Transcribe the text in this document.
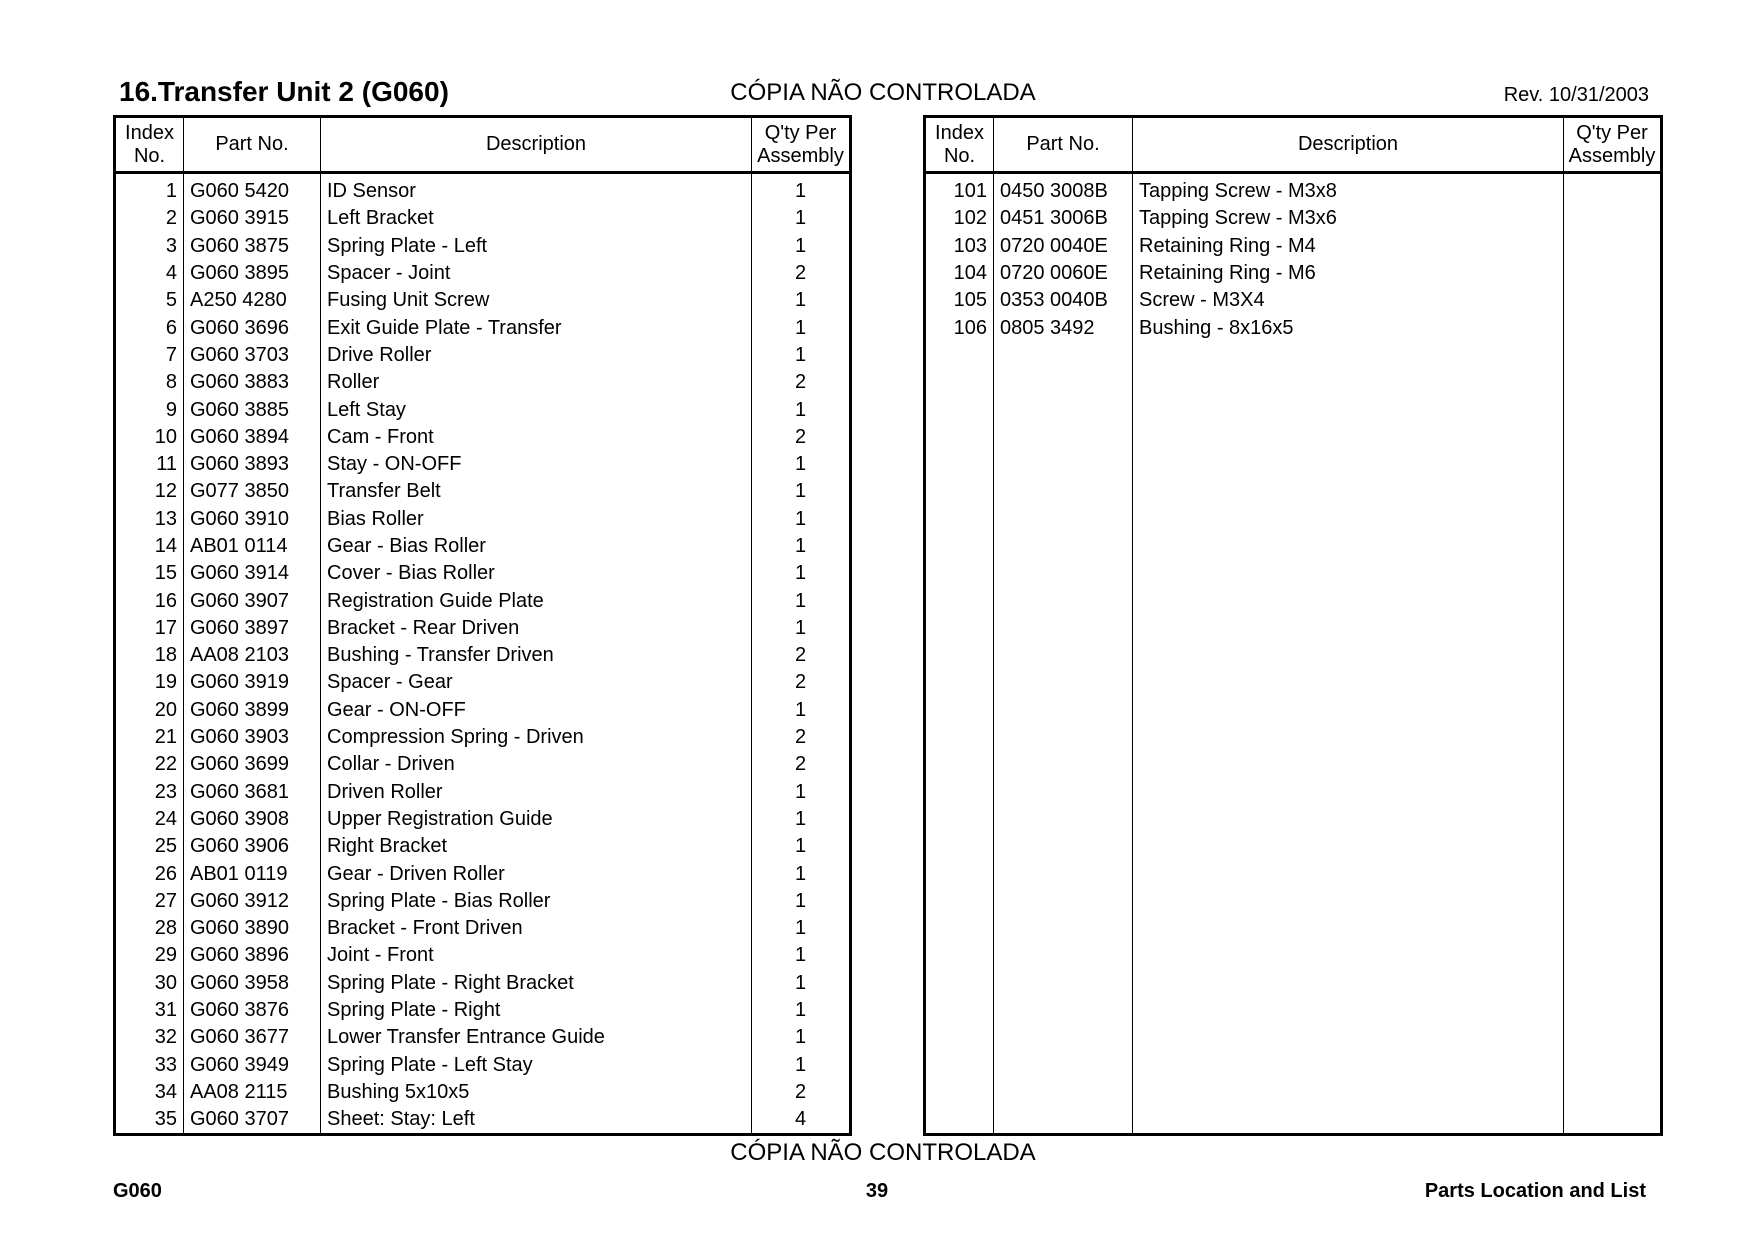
16.Transfer Unit 2 (G060)	CÓPIA NÃO CONTROLADA	Rev. 10/31/2003
Index
No.	Part No.	Description	Q'ty Per
Assembly
1	G060 5420	ID Sensor	1
2	G060 3915	Left Bracket	1
3	G060 3875	Spring Plate - Left	1
4	G060 3895	Spacer - Joint	2
5	A250 4280	Fusing Unit Screw	1
6	G060 3696	Exit Guide Plate - Transfer	1
7	G060 3703	Drive Roller	1
8	G060 3883	Roller	2
9	G060 3885	Left Stay	1
10	G060 3894	Cam - Front	2
11	G060 3893	Stay - ON-OFF	1
12	G077 3850	Transfer Belt	1
13	G060 3910	Bias Roller	1
14	AB01 0114	Gear - Bias Roller	1
15	G060 3914	Cover - Bias Roller	1
16	G060 3907	Registration Guide Plate	1
17	G060 3897	Bracket - Rear Driven	1
18	AA08 2103	Bushing - Transfer Driven	2
19	G060 3919	Spacer - Gear	2
20	G060 3899	Gear - ON-OFF	1
21	G060 3903	Compression Spring - Driven	2
22	G060 3699	Collar - Driven	2
23	G060 3681	Driven Roller	1
24	G060 3908	Upper Registration Guide	1
25	G060 3906	Right Bracket	1
26	AB01 0119	Gear - Driven Roller	1
27	G060 3912	Spring Plate - Bias Roller	1
28	G060 3890	Bracket - Front Driven	1
29	G060 3896	Joint - Front	1
30	G060 3958	Spring Plate - Right Bracket	1
31	G060 3876	Spring Plate - Right	1
32	G060 3677	Lower Transfer Entrance Guide	1
33	G060 3949	Spring Plate - Left Stay	1
34	AA08 2115	Bushing 5x10x5	2
35	G060 3707	Sheet: Stay: Left	4
Index
No.	Part No.	Description	Q'ty Per
Assembly
101	0450 3008B	Tapping Screw - M3x8	
102	0451 3006B	Tapping Screw - M3x6	
103	0720 0040E	Retaining Ring - M4	
104	0720 0060E	Retaining Ring - M6	
105	0353 0040B	Screw - M3X4	
106	0805 3492	Bushing - 8x16x5	

CÓPIA NÃO CONTROLADA
G060	39	Parts Location and List
